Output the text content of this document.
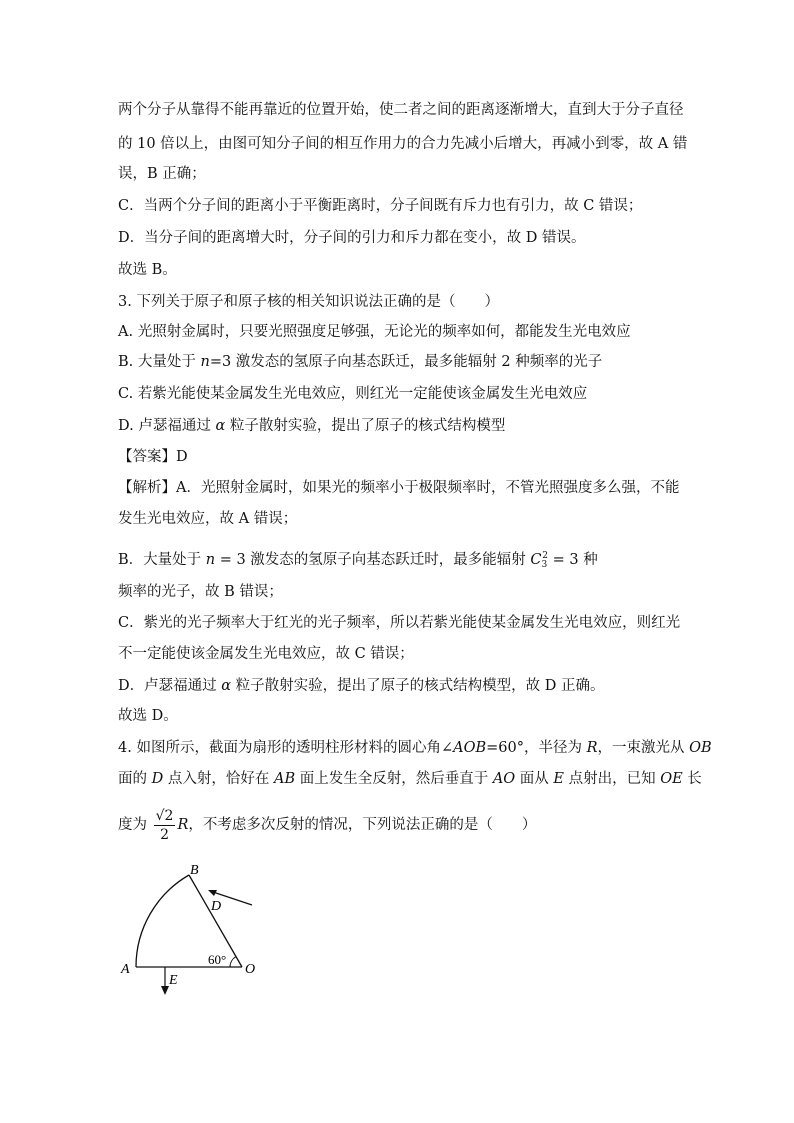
两个分子从靠得不能再靠近的位置开始，使二者之间的距离逐渐增大，直到大于分子直径
的 10 倍以上，由图可知分子间的相互作用力的合力先减小后增大，再减小到零，故 A 错
误，B 正确；
C．当两个分子间的距离小于平衡距离时，分子间既有斥力也有引力，故 C 错误；
D．当分子间的距离增大时，分子间的引力和斥力都在变小，故 D 错误。
故选 B。
3. 下列关于原子和原子核的相关知识说法正确的是（　　）
A. 光照射金属时，只要光照强度足够强，无论光的频率如何，都能发生光电效应
B. 大量处于 n=3 激发态的氢原子向基态跃迁，最多能辐射 2 种频率的光子
C. 若紫光能使某金属发生光电效应，则红光一定能使该金属发生光电效应
D. 卢瑟福通过 α 粒子散射实验，提出了原子的核式结构模型
【答案】D
【解析】A．光照射金属时，如果光的频率小于极限频率时，不管光照强度多么强，不能
发生光电效应，故 A 错误；
B．大量处于 n = 3 激发态的氢原子向基态跃迁时，最多能辐射 $C_3^2 = 3$ 种
频率的光子，故 B 错误；
C．紫光的光子频率大于红光的光子频率，所以若紫光能使某金属发生光电效应，则红光
不一定能使该金属发生光电效应，故 C 错误；
D．卢瑟福通过 α 粒子散射实验，提出了原子的核式结构模型，故 D 正确。
故选 D。
4. 如图所示，截面为扇形的透明柱形材料的圆心角∠AOB=60°，半径为 R，一束激光从 OB
面的 D 点入射，恰好在 AB 面上发生全反射，然后垂直于 AO 面从 E 点射出，已知 OE 长
度为 $\frac{√2}{2}$ R，不考虑多次反射的情况，下列说法正确的是（　　）
B
D
A	O
E
60°
